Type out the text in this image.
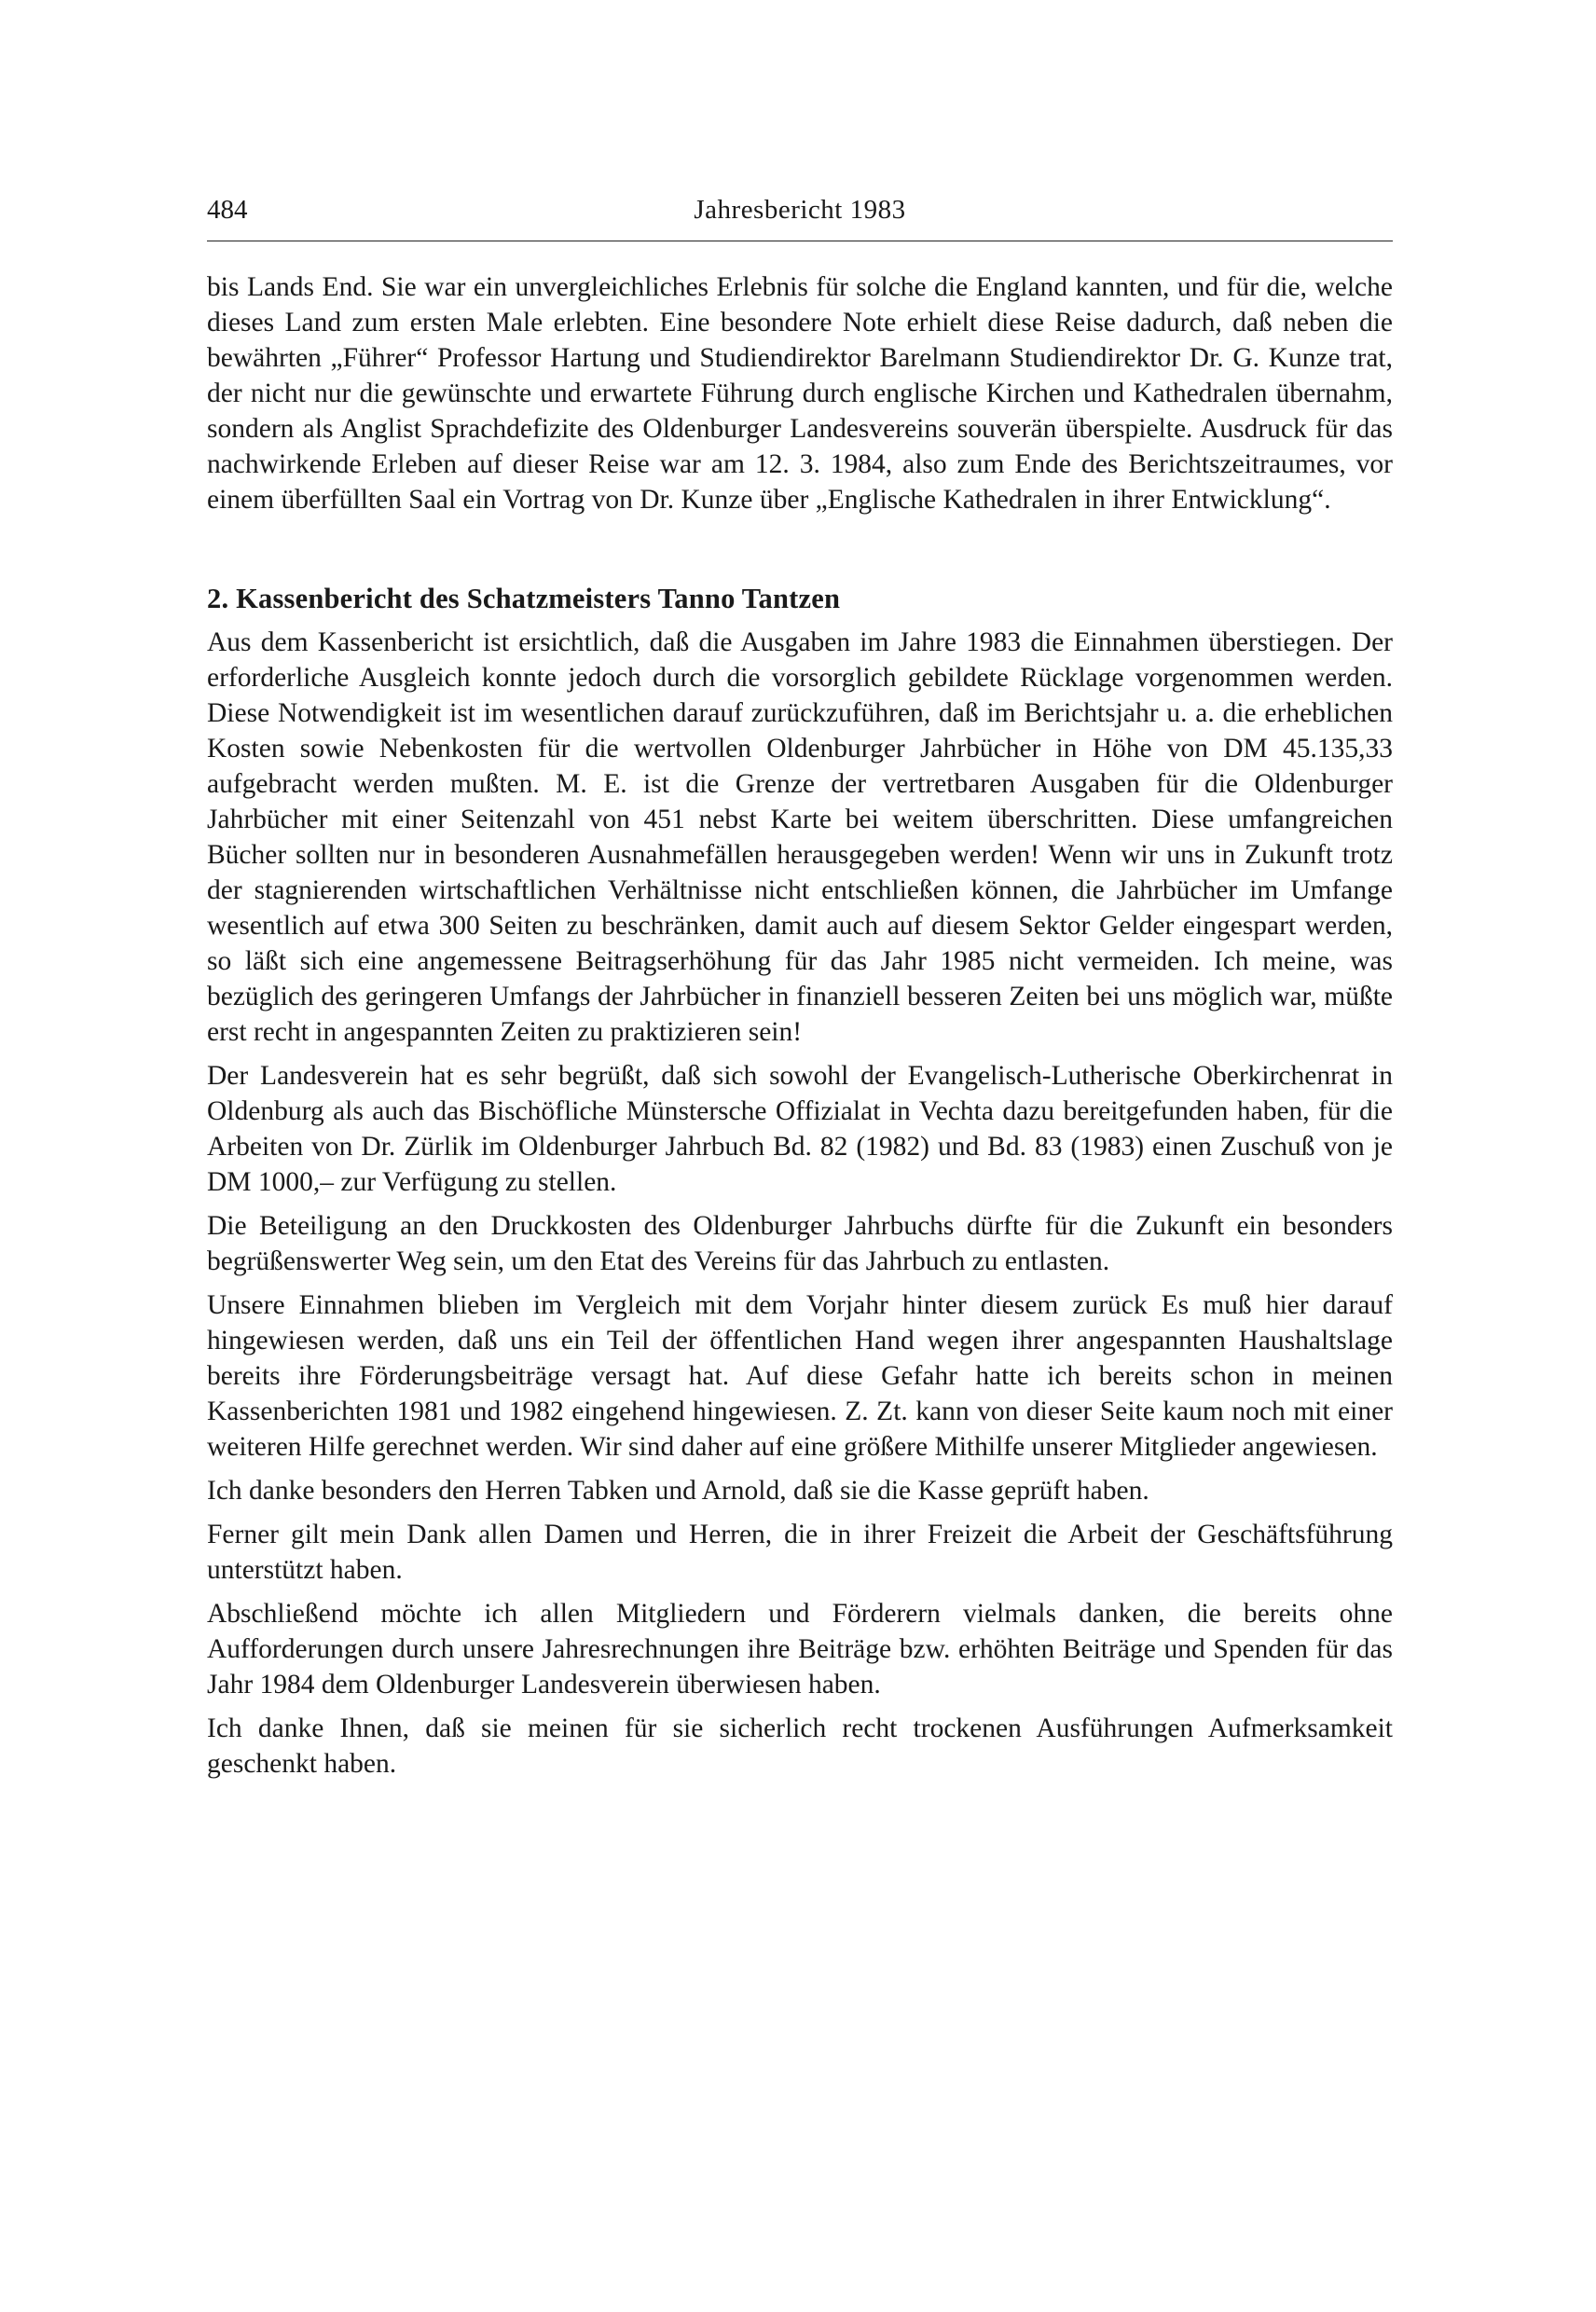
484	Jahresbericht 1983

bis Lands End. Sie war ein unvergleichliches Erlebnis für solche die England kannten, und für die, welche dieses Land zum ersten Male erlebten. Eine besondere Note erhielt diese Reise dadurch, daß neben die bewährten „Führer“ Professor Hartung und Studiendirektor Barelmann Studiendirektor Dr. G. Kunze trat, der nicht nur die gewünschte und erwartete Führung durch englische Kirchen und Kathedralen übernahm, sondern als Anglist Sprachdefizite des Oldenburger Landesvereins souverän überspielte. Ausdruck für das nachwirkende Erleben auf dieser Reise war am 12. 3. 1984, also zum Ende des Berichtszeitraumes, vor einem überfüllten Saal ein Vortrag von Dr. Kunze über „Englische Kathedralen in ihrer Entwicklung“.

2. Kassenbericht des Schatzmeisters Tanno Tantzen

Aus dem Kassenbericht ist ersichtlich, daß die Ausgaben im Jahre 1983 die Einnahmen überstiegen. Der erforderliche Ausgleich konnte jedoch durch die vorsorglich gebildete Rücklage vorgenommen werden. Diese Notwendigkeit ist im wesentlichen darauf zurückzuführen, daß im Berichtsjahr u. a. die erheblichen Kosten sowie Nebenkosten für die wertvollen Oldenburger Jahrbücher in Höhe von DM 45.135,33 aufgebracht werden mußten. M. E. ist die Grenze der vertretbaren Ausgaben für die Oldenburger Jahrbücher mit einer Seitenzahl von 451 nebst Karte bei weitem überschritten. Diese umfangreichen Bücher sollten nur in besonderen Ausnahmefällen herausgegeben werden! Wenn wir uns in Zukunft trotz der stagnierenden wirtschaftlichen Verhältnisse nicht entschließen können, die Jahrbücher im Umfange wesentlich auf etwa 300 Seiten zu beschränken, damit auch auf diesem Sektor Gelder eingespart werden, so läßt sich eine angemessene Beitragserhöhung für das Jahr 1985 nicht vermeiden. Ich meine, was bezüglich des geringeren Umfangs der Jahrbücher in finanziell besseren Zeiten bei uns möglich war, müßte erst recht in angespannten Zeiten zu praktizieren sein!

Der Landesverein hat es sehr begrüßt, daß sich sowohl der Evangelisch-Lutherische Oberkirchenrat in Oldenburg als auch das Bischöfliche Münstersche Offizialat in Vechta dazu bereitgefunden haben, für die Arbeiten von Dr. Zürlik im Oldenburger Jahrbuch Bd. 82 (1982) und Bd. 83 (1983) einen Zuschuß von je DM 1000,– zur Verfügung zu stellen.

Die Beteiligung an den Druckkosten des Oldenburger Jahrbuchs dürfte für die Zukunft ein besonders begrüßenswerter Weg sein, um den Etat des Vereins für das Jahrbuch zu entlasten.

Unsere Einnahmen blieben im Vergleich mit dem Vorjahr hinter diesem zurück Es muß hier darauf hingewiesen werden, daß uns ein Teil der öffentlichen Hand wegen ihrer angespannten Haushaltslage bereits ihre Förderungsbeiträge versagt hat. Auf diese Gefahr hatte ich bereits schon in meinen Kassenberichten 1981 und 1982 eingehend hingewiesen. Z. Zt. kann von dieser Seite kaum noch mit einer weiteren Hilfe gerechnet werden. Wir sind daher auf eine größere Mithilfe unserer Mitglieder angewiesen.

Ich danke besonders den Herren Tabken und Arnold, daß sie die Kasse geprüft haben.

Ferner gilt mein Dank allen Damen und Herren, die in ihrer Freizeit die Arbeit der Geschäftsführung unterstützt haben.

Abschließend möchte ich allen Mitgliedern und Förderern vielmals danken, die bereits ohne Aufforderungen durch unsere Jahresrechnungen ihre Beiträge bzw. erhöhten Beiträge und Spenden für das Jahr 1984 dem Oldenburger Landesverein überwiesen haben.

Ich danke Ihnen, daß sie meinen für sie sicherlich recht trockenen Ausführungen Aufmerksamkeit geschenkt haben.
